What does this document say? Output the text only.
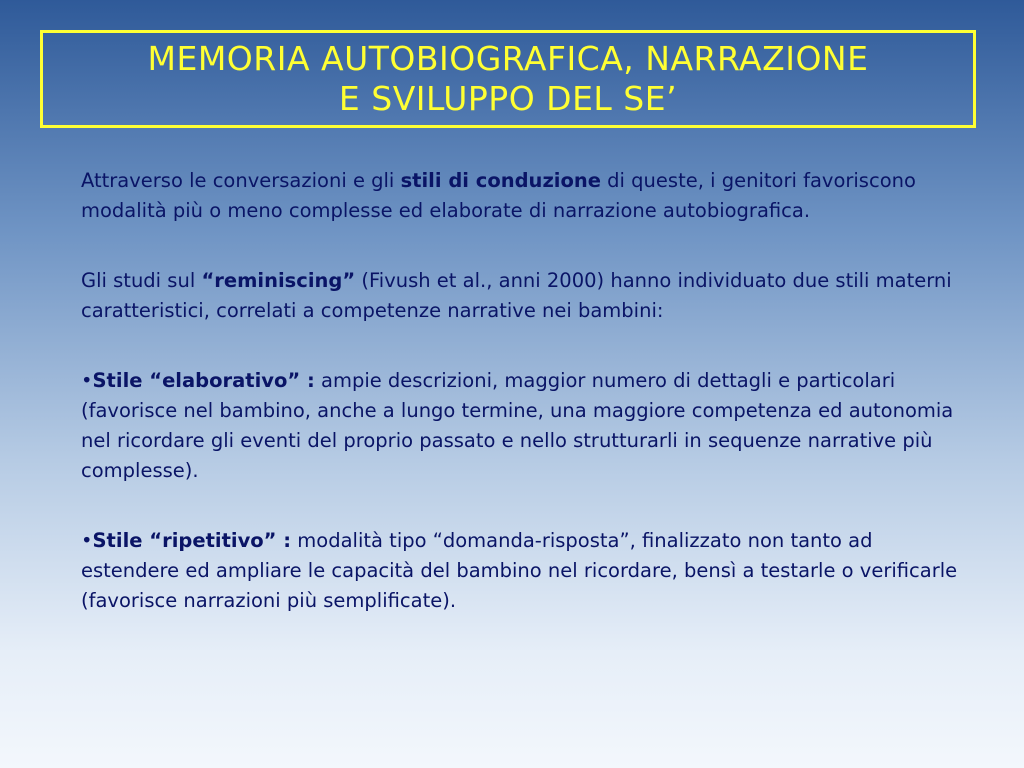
MEMORIA AUTOBIOGRAFICA, NARRAZIONE
E SVILUPPO DEL SE’

Attraverso le conversazioni e gli stili di conduzione di queste, i genitori favoriscono modalità più o meno complesse ed elaborate di narrazione autobiografica.

Gli studi sul “reminiscing” (Fivush et al., anni 2000) hanno individuato due stili materni caratteristici, correlati a competenze narrative nei bambini:

•Stile “elaborativo” : ampie descrizioni, maggior numero di dettagli e particolari (favorisce nel bambino, anche a lungo termine, una maggiore competenza ed autonomia nel ricordare gli eventi del proprio passato e nello strutturarli in sequenze narrative più complesse).

•Stile “ripetitivo” : modalità tipo “domanda-risposta”, finalizzato non tanto ad estendere ed ampliare le capacità del bambino nel ricordare, bensì a testarle o verificarle (favorisce narrazioni più semplificate).
